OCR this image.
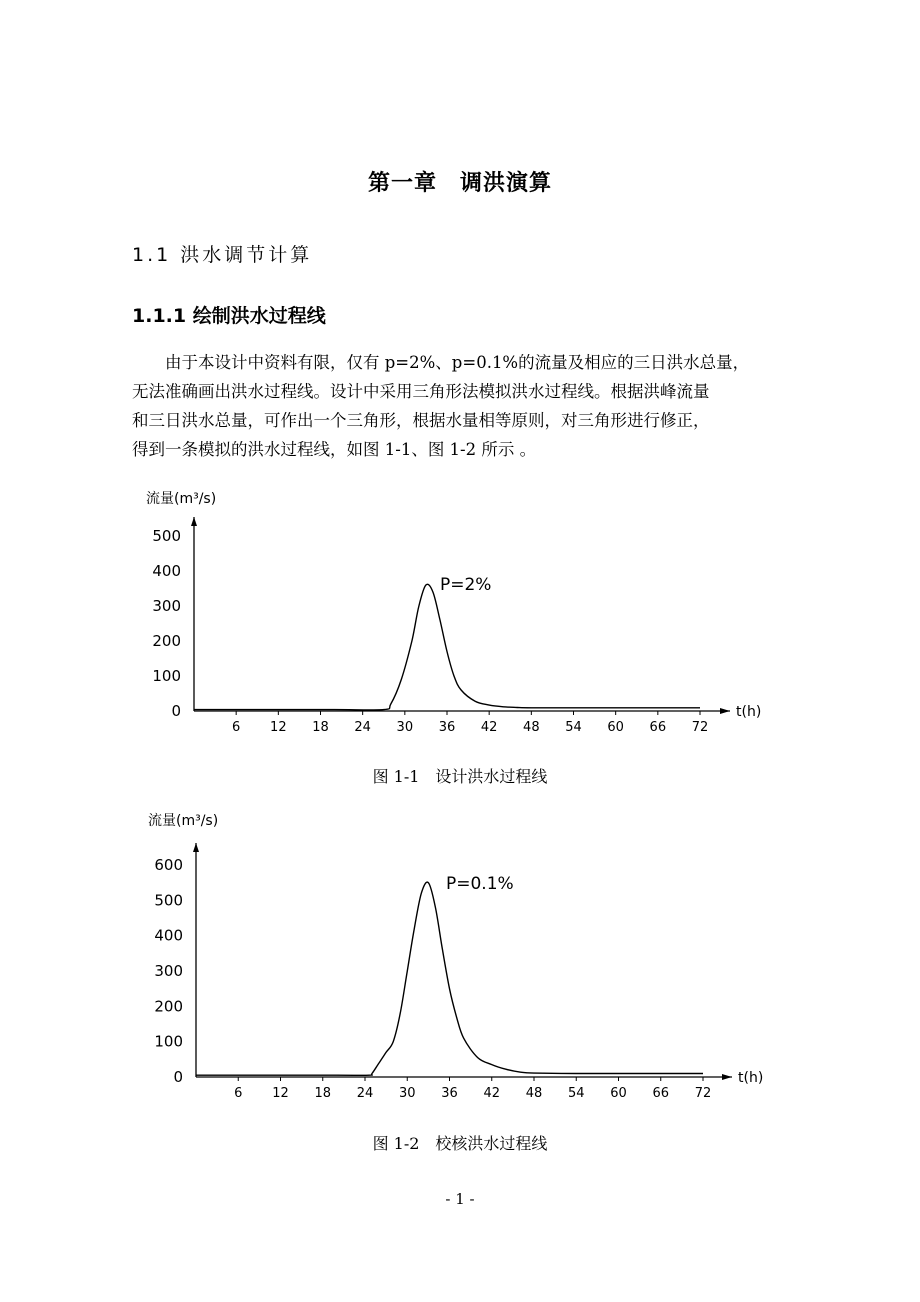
第一章　调洪演算
1.1 洪水调节计算
1.1.1 绘制洪水过程线

由于本设计中资料有限，仅有 p=2%、p=0.1%的流量及相应的三日洪水总量，

无法准确画出洪水过程线。设计中采用三角形法模拟洪水过程线。根据洪峰流量

和三日洪水总量，可作出一个三角形，根据水量相等原则，对三角形进行修正，

得到一条模拟的洪水过程线，如图 1-1、图 1-2 所示 。

流量(m³/s)
t(h)
0
100
200
300
400
500
6 12 18 24 30 36 42 48 54 60 66 72
P=2%
图 1-1　设计洪水过程线
流量(m³/s)
t(h)
0
100
200
300
400
500
600
6 12 18 24 30 36 42 48 54 60 66 72
P=0.1%
图 1-2　校核洪水过程线
- 1 -
